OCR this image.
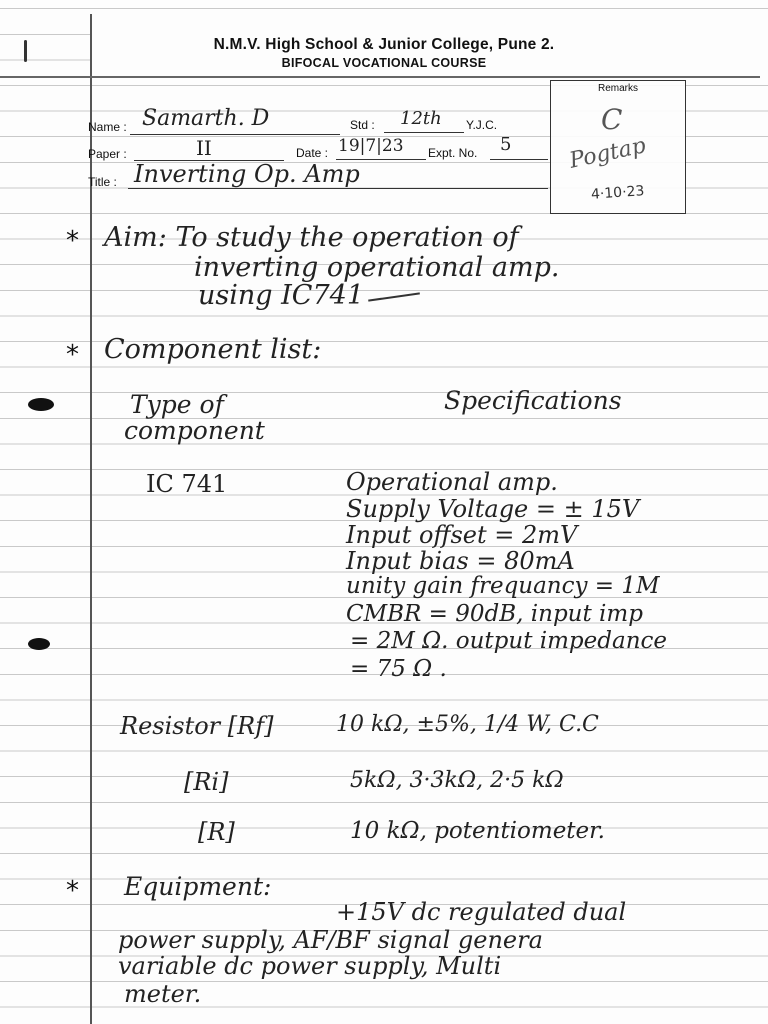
N.M.V. High School & Junior College, Pune 2.
BIFOCAL VOCATIONAL COURSE
Remarks
C
Pogtap
4·10·23
Name : Samarth. D	Std : 12th Y.J.C.
Paper :	II	Date : 19|7|23 Expt. No. 5
Title : Inverting Op. Amp
* Aim: To study the operation of
inverting operational amp.
using IC741
* Component list:
Type of
component
Specifications
IC 741	Operational amp.
Supply Voltage = ± 15V
Input offset = 2mV
Input bias = 80mA
unity gain frequancy = 1M
CMBR = 90dB, input imp
= 2M Ω. output impedance
= 75 Ω .
Resistor [Rf]	10 kΩ, ±5%, 1/4 W, C.C
[Ri]	5kΩ, 3·3kΩ, 2·5 kΩ
[R]	10 kΩ, potentiometer.
* Equipment:
+15V dc regulated dual
power supply, AF/BF signal genera
variable dc power supply, Multi
meter.
